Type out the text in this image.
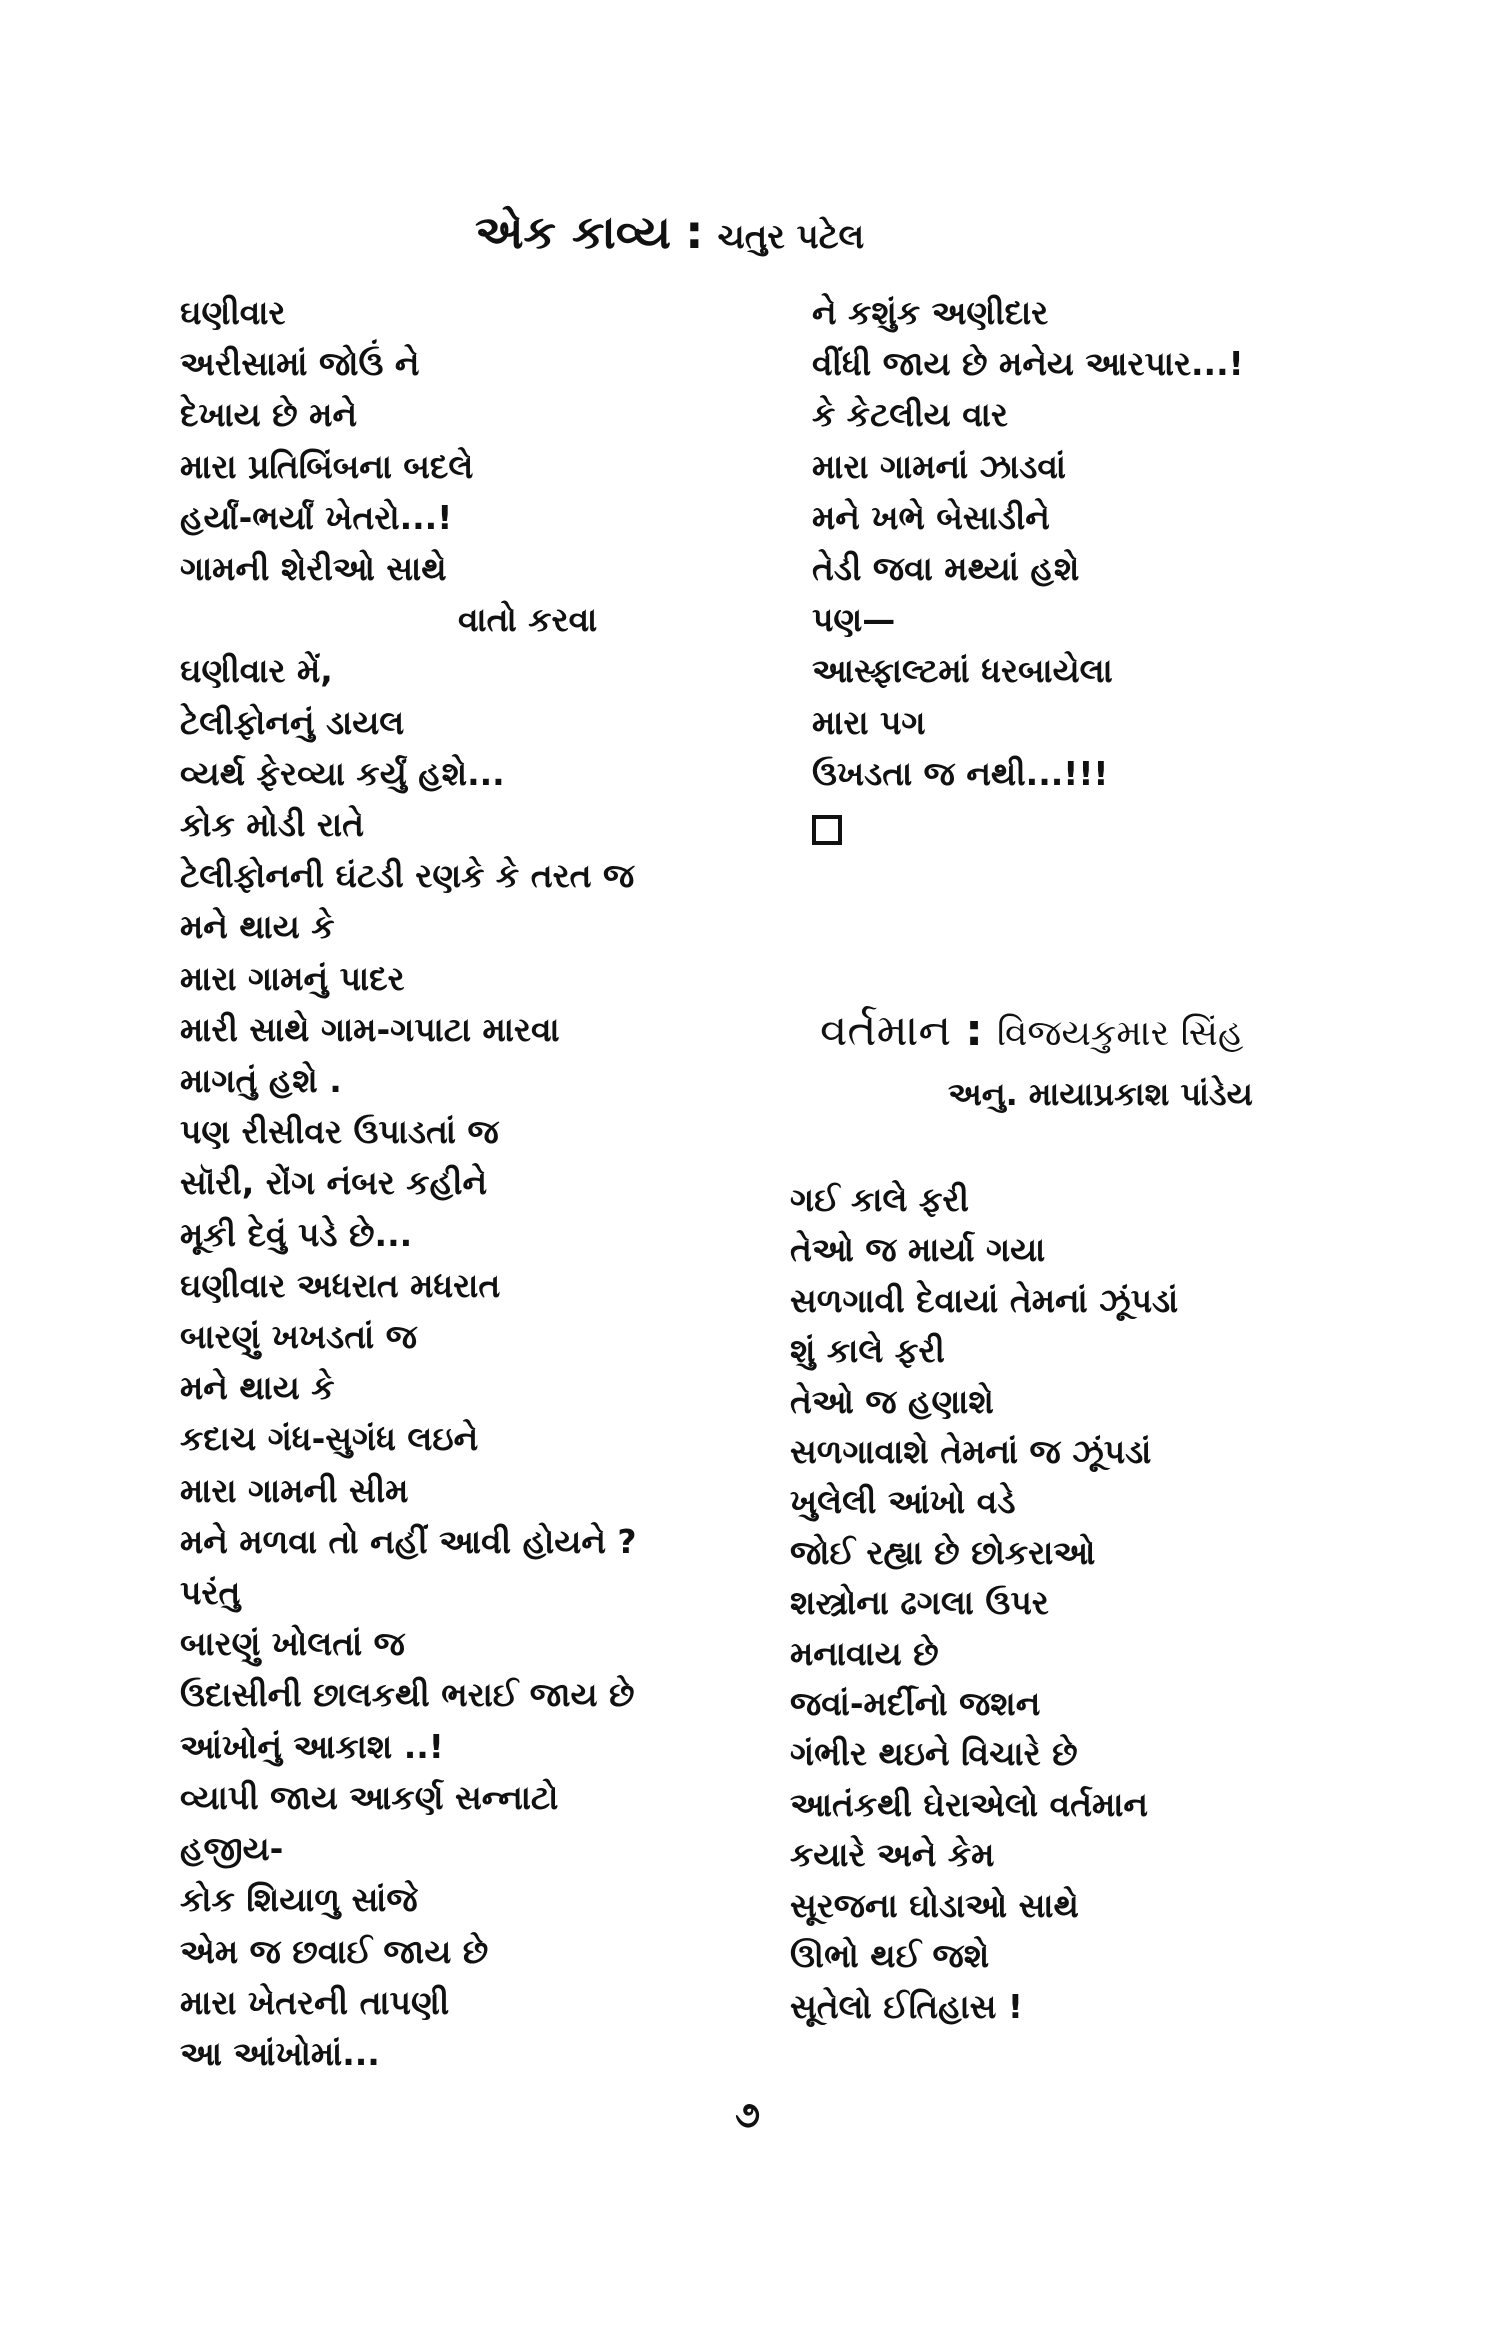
એક કાવ્ય : ચતુર પટેલ
ઘણીવાર
અરીસામાં જોઉં ને
દેખાય છે મને
મારા પ્રતિબિંબના બદલે
હર્યાં-ભર્યાં ખેતરો...!
ગામની શેરીઓ સાથે
વાતો કરવા
ઘણીવાર મેં,
ટેલીફોનનું ડાયલ
વ્યર્થ ફેરવ્યા કર્યું હશે...
કોક મોડી રાતે
ટેલીફોનની ઘંટડી રણકે કે તરત જ
મને થાય કે
મારા ગામનું પાદર
મારી સાથે ગામ-ગપાટા મારવા
માગતું હશે .
પણ રીસીવર ઉપાડતાં જ
સૉરી, રોંગ નંબર કહીને
મૂકી દેવું પડે છે...
ઘણીવાર અધરાત મધરાત
બારણું ખખડતાં જ
મને થાય કે
કદાચ ગંધ-સુગંધ લઇને
મારા ગામની સીમ
મને મળવા તો નહીં આવી હોયને ?
પરંતુ
બારણું ખોલતાં જ
ઉદાસીની છાલકથી ભરાઈ જાય છે
આંખોનું આકાશ ..!
વ્યાપી જાય આકર્ણ સન્નાટો
હજીય-
કોક શિયાળુ સાંજે
એમ જ છવાઈ જાય છે
મારા ખેતરની તાપણી
આ આંખોમાં...
ને કશુંક અણીદાર
વીંધી જાય છે મનેય આરપાર...!
કે કેટલીય વાર
મારા ગામનાં ઝાડવાં
મને ખભે બેસાડીને
તેડી જવા મથ્યાં હશે
પણ—
આસ્ફાલ્ટમાં ધરબાયેલા
મારા પગ
ઉખડતા જ નથી...!!!
વર્તમાન : વિજયકુમાર સિંહ
અનુ. માયાપ્રકાશ પાંડેય
ગઈ કાલે ફરી
તેઓ જ માર્યા ગયા
સળગાવી દેવાયાં તેમનાં ઝૂંપડાં
શું કાલે ફરી
તેઓ જ હણાશે
સળગાવાશે તેમનાં જ ઝૂંપડાં
ખુલેલી આંખો વડે
જોઈ રહ્યા છે છોકરાઓ
શસ્ત્રોના ઢગલા ઉપર
મનાવાય છે
જવાં-મર્દીનો જશન
ગંભીર થઇને વિચારે છે
આતંકથી ઘેરાએલો વર્તમાન
કયારે અને કેમ
સૂરજના ઘોડાઓ સાથે
ઊભો થઈ જશે
સૂતેલો ઈતિહાસ !
૭
